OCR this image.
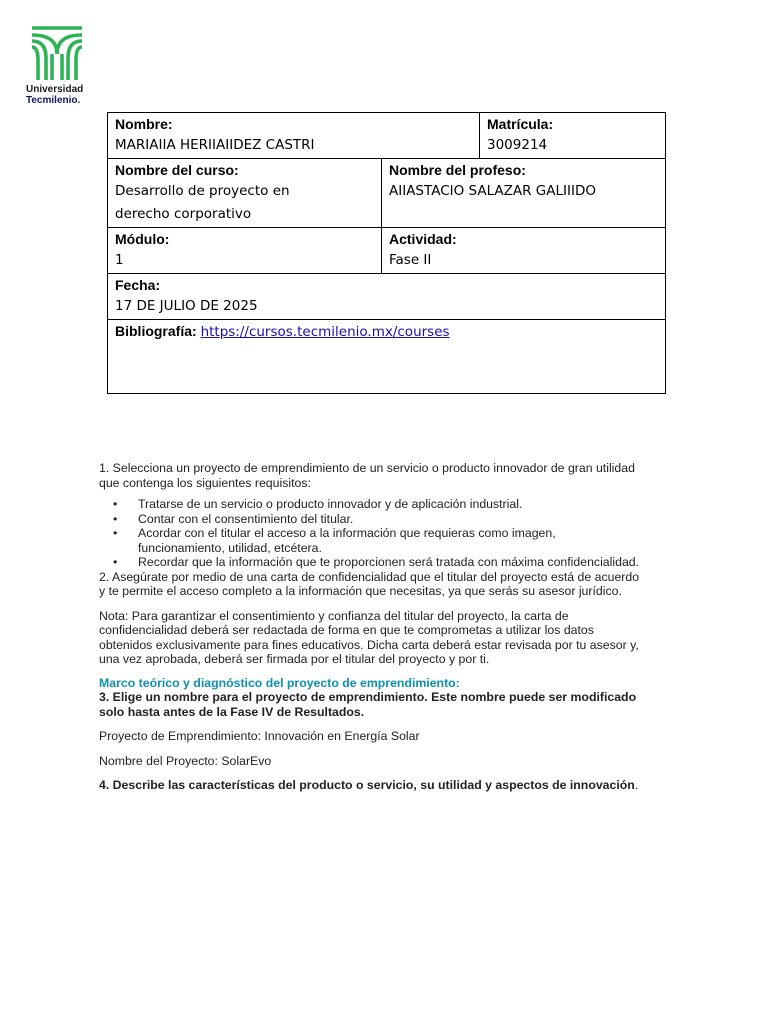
Universidad
Tecmilenio.
Nombre:
MARIAIIA HERIIAIIDEZ CASTRI		Matrícula:
3009214

Nombre del curso:
Desarrollo de proyecto en
derecho corporativo	Nombre del profeso:
AIIASTACIO SALAZAR GALIIIDO	

Módulo:
1	Actividad:
Fase II	

Fecha:
17 DE JULIO DE 2025		

Bibliografía: https://cursos.tecmilenio.mx/courses		

1. Selecciona un proyecto de emprendimiento de un servicio o producto innovador de gran utilidad que contenga los siguientes requisitos:

• Tratarse de un servicio o producto innovador y de aplicación industrial.
• Contar con el consentimiento del titular.
• Acordar con el titular el acceso a la información que requieras como imagen, funcionamiento, utilidad, etcétera.
• Recordar que la información que te proporcionen será tratada con máxima confidencialidad.

2. Asegúrate por medio de una carta de confidencialidad que el titular del proyecto está de acuerdo y te permite el acceso completo a la información que necesitas, ya que serás su asesor jurídico.

Nota: Para garantizar el consentimiento y confianza del titular del proyecto, la carta de confidencialidad deberá ser redactada de forma en que te comprometas a utilizar los datos obtenidos exclusivamente para fines educativos. Dicha carta deberá estar revisada por tu asesor y, una vez aprobada, deberá ser firmada por el titular del proyecto y por ti.

Marco teórico y diagnóstico del proyecto de emprendimiento:

3. Elige un nombre para el proyecto de emprendimiento. Este nombre puede ser modificado solo hasta antes de la Fase IV de Resultados.

Proyecto de Emprendimiento: Innovación en Energía Solar

Nombre del Proyecto: SolarEvo

4. Describe las características del producto o servicio, su utilidad y aspectos de innovación.
